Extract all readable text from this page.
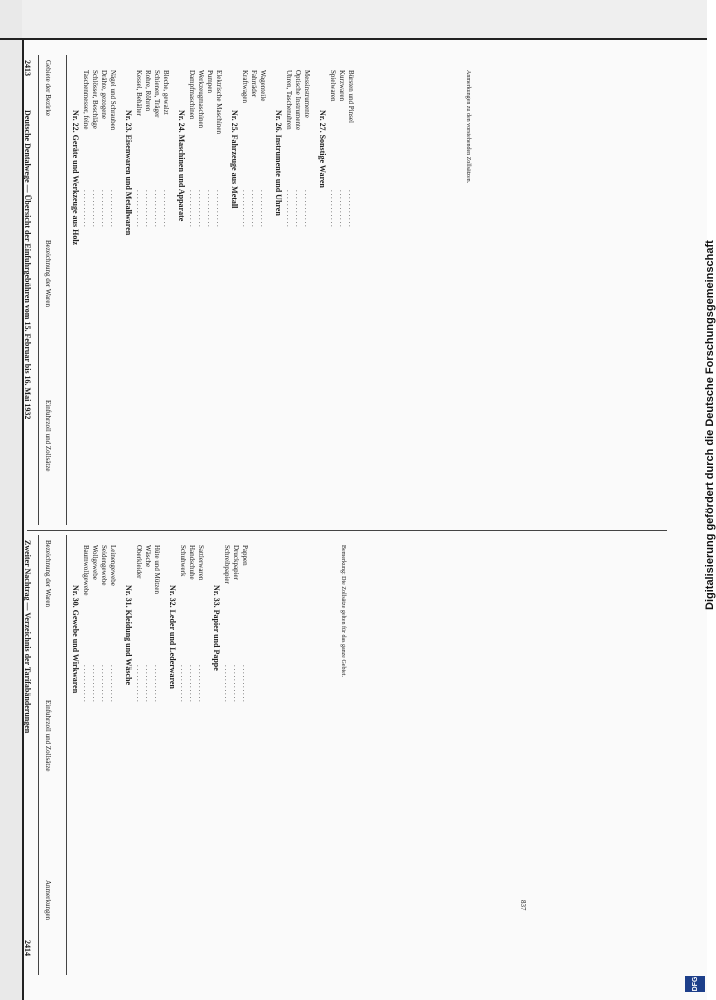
2413
Deutsche Dentalwege — Übersicht der Einfuhrgebühren vom 15. Februar bis 16. Mai 1932
Gebiete der Bezirke
Bezeichnung der Waren
Einfuhrzoll und Zollsätze
Nr. 22. Geräte und Werkzeuge aus Holz
Taschenmesser, feine
. . . . . . . . . . .
Schlösser, Beschläge
. . . . . . . . . . .
Drähte, gezogene
. . . . . . . . . . .
Nägel und Schrauben
. . . . . . . . . . . Nr. 23. Eisenwaren und Metallwaren
Kessel, Behälter
. . . . . . . . . . .
Rohre, Röhren
. . . . . . . . . . .
Schienen, Träger
. . . . . . . . . . .
Bleche, gewalzt
. . . . . . . . . . . Nr. 24. Maschinen und Apparate
Dampfmaschinen
. . . . . . . . . . .
Werkzeugmaschinen
. . . . . . . . . . .
Pumpen
. . . . . . . . . . .
Elektrische Maschinen
. . . . . . . . . . .
Nr. 25. Fahrzeuge aus Metall
Kraftwagen
. . . . . . . . . . .
Fahrräder
. . . . . . . . . . .
Wagenteile
. . . . . . . . . . . Nr. 26. Instrumente und Uhren
Uhren, Taschenuhren
. . . . . . . . . . .
Optische Instrumente
. . . . . . . . . . .
Messinstrumente
. . . . . . . . . . .
Nr. 27. Sonstige Waren
Spielwaren
. . . . . . . . . . .
Kurzwaren
. . . . . . . . . . .
Bürsten und Pinsel
. . . . . . . . . . .
Anmerkungen zu den vorstehenden Zollsätzen.
Zweiter Nachtrag — Verzeichnis der Tarifabänderungen
2414
Bezeichnung der Waren
Einfuhrzoll und Zollsätze
Anmerkungen
Nr. 30. Gewebe und Wirkwaren
Baumwollgewebe
. . . . . . . . . . .
Wollgewebe
. . . . . . . . . . .
Seidengewebe
. . . . . . . . . . .
Leinengewebe
. . . . . . . . . . . Nr. 31. Kleidung und Wäsche
Oberkleider
. . . . . . . . . . .
Wäsche
. . . . . . . . . . .
Hüte und Mützen
. . . . . . . . . . . Nr. 32. Leder und Lederwaren
Schuhwerk
. . . . . . . . . . .
Handschuhe
. . . . . . . . . . .
Sattlerwaren
. . . . . . . . . . .
Nr. 33. Papier und Pappe
Schreibpapier
. . . . . . . . . . .
Druckpapier
. . . . . . . . . . .
Pappen
. . . . . . . . . . .
Bemerkung: Die Zollsätze gelten für das ganze Gebiet.
837
Digitalisierung gefördert durch die Deutsche Forschungsgemeinschaft
DFG
